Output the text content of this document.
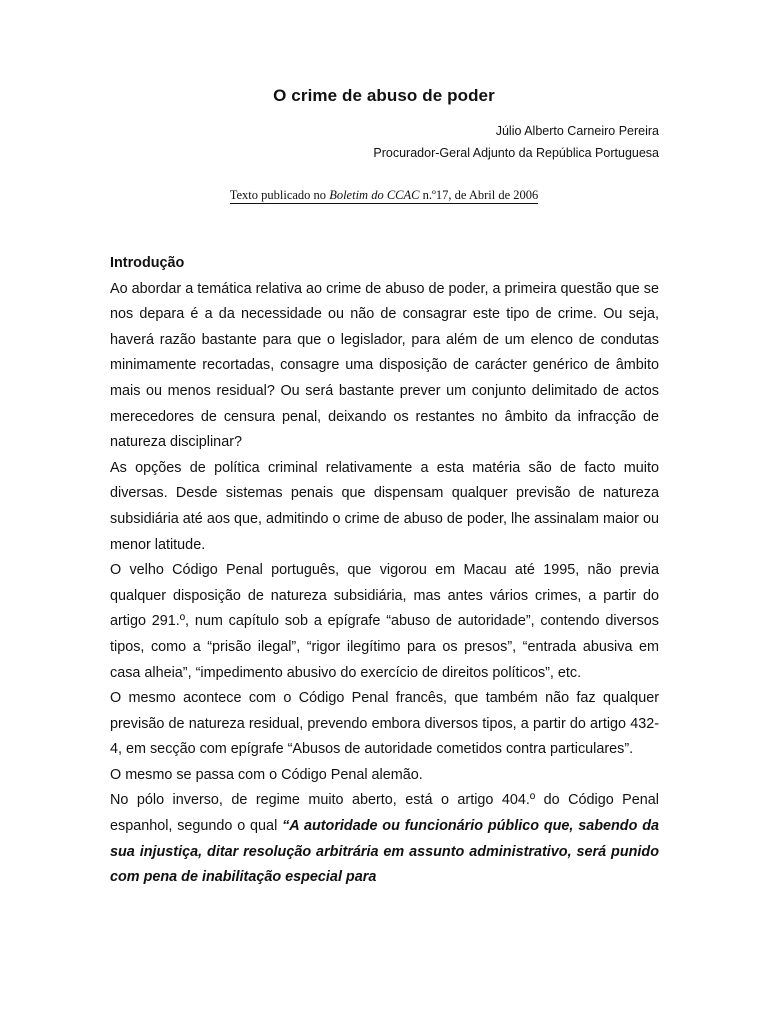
O crime de abuso de poder
Júlio Alberto Carneiro Pereira
Procurador-Geral Adjunto da República Portuguesa
Texto publicado no Boletim do CCAC n.º17, de Abril de 2006

Introdução

Ao abordar a temática relativa ao crime de abuso de poder, a primeira questão que se nos depara é a da necessidade ou não de consagrar este tipo de crime. Ou seja, haverá razão bastante para que o legislador, para além de um elenco de condutas minimamente recortadas, consagre uma disposição de carácter genérico de âmbito mais ou menos residual? Ou será bastante prever um conjunto delimitado de actos merecedores de censura penal, deixando os restantes no âmbito da infracção de natureza disciplinar?

As opções de política criminal relativamente a esta matéria são de facto muito diversas. Desde sistemas penais que dispensam qualquer previsão de natureza subsidiária até aos que, admitindo o crime de abuso de poder, lhe assinalam maior ou menor latitude.

O velho Código Penal português, que vigorou em Macau até 1995, não previa qualquer disposição de natureza subsidiária, mas antes vários crimes, a partir do artigo 291.º, num capítulo sob a epígrafe “abuso de autoridade”, contendo diversos tipos, como a “prisão ilegal”, “rigor ilegítimo para os presos”, “entrada abusiva em casa alheia”, “impedimento abusivo do exercício de direitos políticos”, etc.

O mesmo acontece com o Código Penal francês, que também não faz qualquer previsão de natureza residual, prevendo embora diversos tipos, a partir do artigo 432-4, em secção com epígrafe “Abusos de autoridade cometidos contra particulares”.

O mesmo se passa com o Código Penal alemão.

No pólo inverso, de regime muito aberto, está o artigo 404.º do Código Penal espanhol, segundo o qual “A autoridade ou funcionário público que, sabendo da sua injustiça, ditar resolução arbitrária em assunto administrativo, será punido com pena de inabilitação especial para
